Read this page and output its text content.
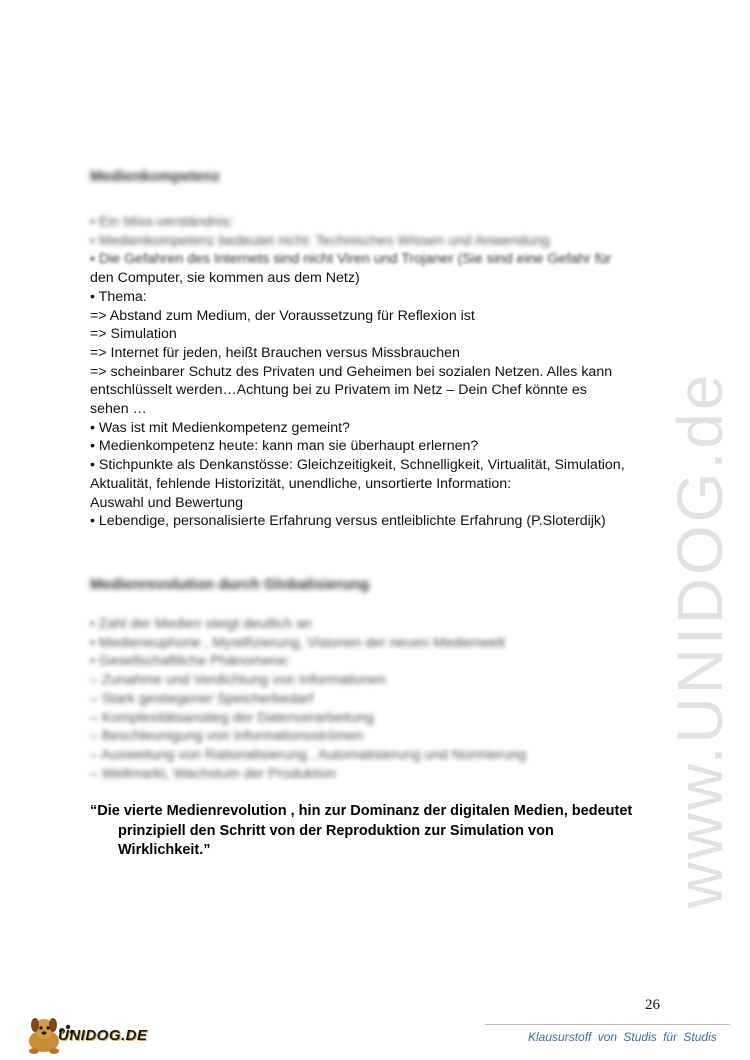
www.UNIDOG.de
Medienkompetenz
• Ein Miss-verständnis:
• Medienkompetenz bedeutet nicht: Technisches Wissen und Anwendung
• Die Gefahren des Internets sind nicht Viren und Trojaner (Sie sind eine Gefahr für
den Computer, sie kommen aus dem Netz)
• Thema:
=> Abstand zum Medium, der Voraussetzung für Reflexion ist
=> Simulation
=> Internet für jeden, heißt Brauchen versus Missbrauchen
=> scheinbarer Schutz des Privaten und Geheimen bei sozialen Netzen. Alles kann
entschlüsselt werden…Achtung bei zu Privatem im Netz – Dein Chef könnte es
sehen …
• Was ist mit Medienkompetenz gemeint?
• Medienkompetenz heute: kann man sie überhaupt erlernen?
• Stichpunkte als Denkanstösse: Gleichzeitigkeit, Schnelligkeit, Virtualität, Simulation,
Aktualität, fehlende Historizität, unendliche, unsortierte Information:
Auswahl und Bewertung
• Lebendige, personalisierte Erfahrung versus entleiblichte Erfahrung (P.Sloterdijk)
Medienrevolution durch Globalisierung
• Zahl der Medien steigt deutlich an
• Medieneuphorie , Mystifizierung, Visionen der neuen Medienwelt
• Gesellschaftliche Phänomene:
– Zunahme und Verdichtung von Informationen
– Stark gestiegener Speicherbedarf
– Komplexitätsanstieg der Datenverarbeitung
– Beschleunigung von Informationsströmen
– Ausweitung von Rationalisierung , Automatisierung und Normierung
– Weltmarkt, Wachstum der Produktion
“Die vierte Medienrevolution , hin zur Dominanz der digitalen Medien, bedeutet
prinzipiell den Schritt von der Reproduktion zur Simulation von
Wirklichkeit.”
26
UNIDOG.DE	Klausurstoff von Studis für Studis
